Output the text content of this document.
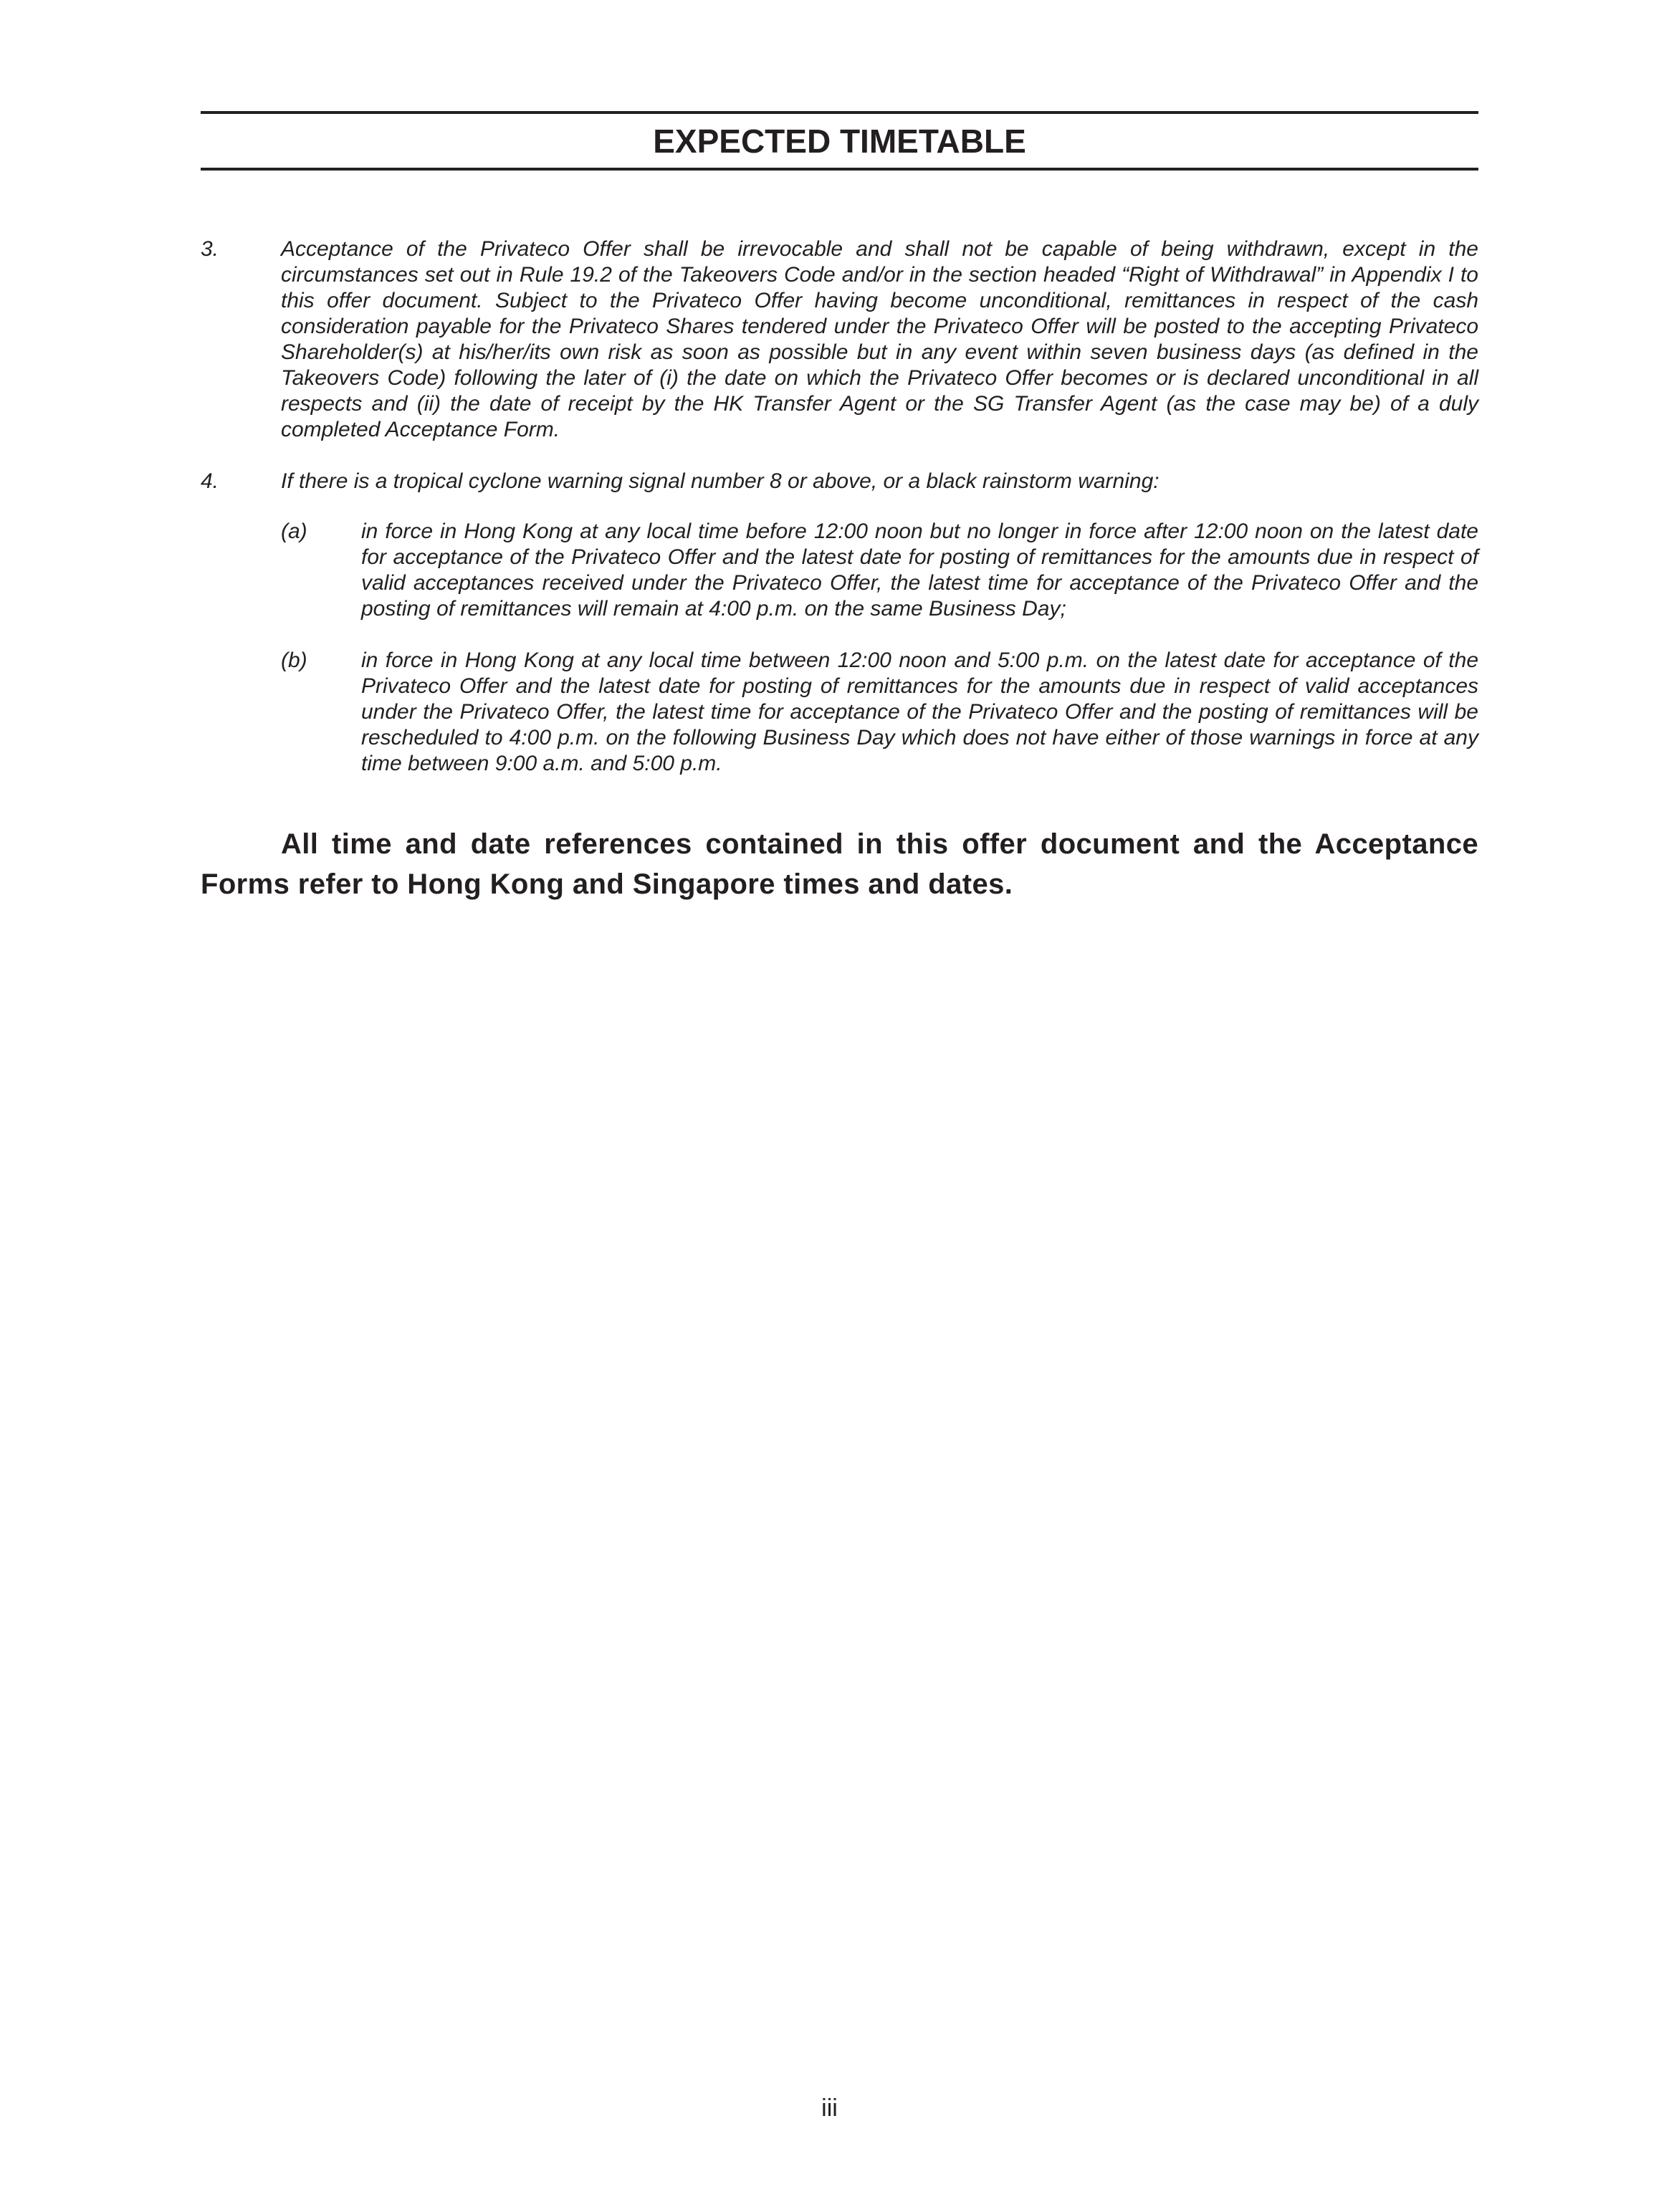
EXPECTED TIMETABLE

3.	Acceptance of the Privateco Offer shall be irrevocable and shall not be capable of being withdrawn, except in the circumstances set out in Rule 19.2 of the Takeovers Code and/or in the section headed “Right of Withdrawal” in Appendix I to this offer document. Subject to the Privateco Offer having become unconditional, remittances in respect of the cash consideration payable for the Privateco Shares tendered under the Privateco Offer will be posted to the accepting Privateco Shareholder(s) at his/her/its own risk as soon as possible but in any event within seven business days (as defined in the Takeovers Code) following the later of (i) the date on which the Privateco Offer becomes or is declared unconditional in all respects and (ii) the date of receipt by the HK Transfer Agent or the SG Transfer Agent (as the case may be) of a duly completed Acceptance Form.

4.	If there is a tropical cyclone warning signal number 8 or above, or a black rainstorm warning:

(a)	in force in Hong Kong at any local time before 12:00 noon but no longer in force after 12:00 noon on the latest date for acceptance of the Privateco Offer and the latest date for posting of remittances for the amounts due in respect of valid acceptances received under the Privateco Offer, the latest time for acceptance of the Privateco Offer and the posting of remittances will remain at 4:00 p.m. on the same Business Day;

(b)	in force in Hong Kong at any local time between 12:00 noon and 5:00 p.m. on the latest date for acceptance of the Privateco Offer and the latest date for posting of remittances for the amounts due in respect of valid acceptances under the Privateco Offer, the latest time for acceptance of the Privateco Offer and the posting of remittances will be rescheduled to 4:00 p.m. on the following Business Day which does not have either of those warnings in force at any time between 9:00 a.m. and 5:00 p.m.

All time and date references contained in this offer document and the Acceptance Forms refer to Hong Kong and Singapore times and dates.

iii
